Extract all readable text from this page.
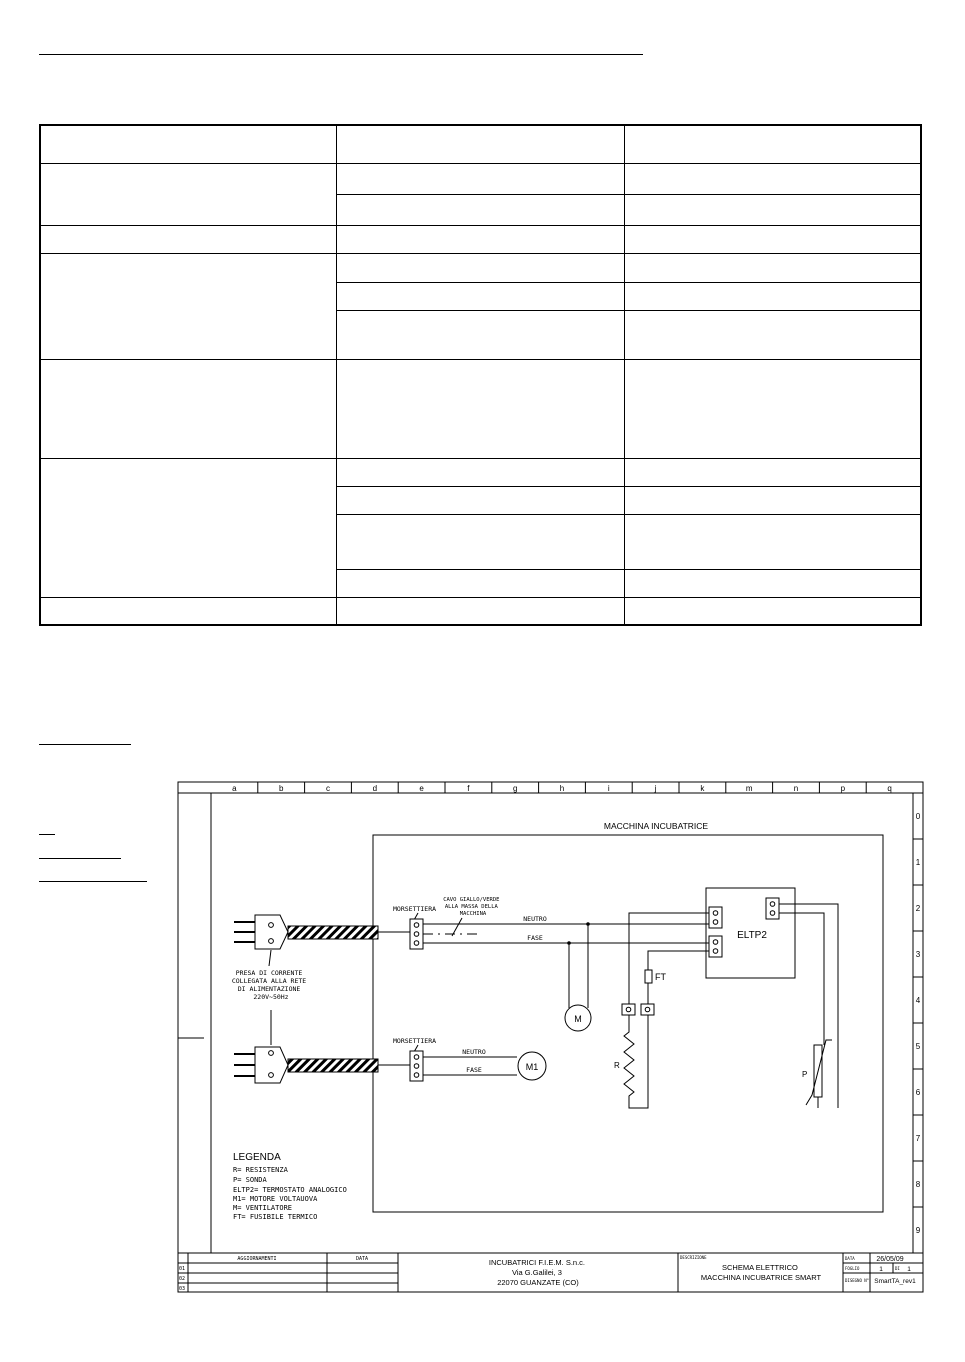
a	b	c	d	e	f	g	h	i	j	k	m	n	p	q
0
1
2
3
4
5
6
7
8
9
MACCHINA INCUBATRICE
PRESA DI CORRENTE COLLEGATA ALLA RETE DI ALIMENTAZIONE 220V~50Hz
MORSETTIERA
MORSETTIERA
CAVO GIALLO/VERDE ALLA MASSA DELLA MACCHINA
NEUTRO
FASE
M
ELTP2
FT
R
P
NEUTRO
FASE	M1
LEGENDA
R= RESISTENZA P= SONDA ELTP2= TERMOSTATO ANALOGICO M1= MOTORE VOLTAUOVA M= VENTILATORE FT= FUSIBILE TERMICO
AGGIORNAMENTI	DATA
01
02
03
INCUBATRICI F.I.E.M. S.n.c. Via G.Galilei, 3 22070 GUANZATE (CO)
DESCRIZIONE
SCHEMA ELETTRICO MACCHINA INCUBATRICE SMART
DATA	26/05/09
FOGLIO	1	DI 1
DISEGNO N° SmartTA_rev1
